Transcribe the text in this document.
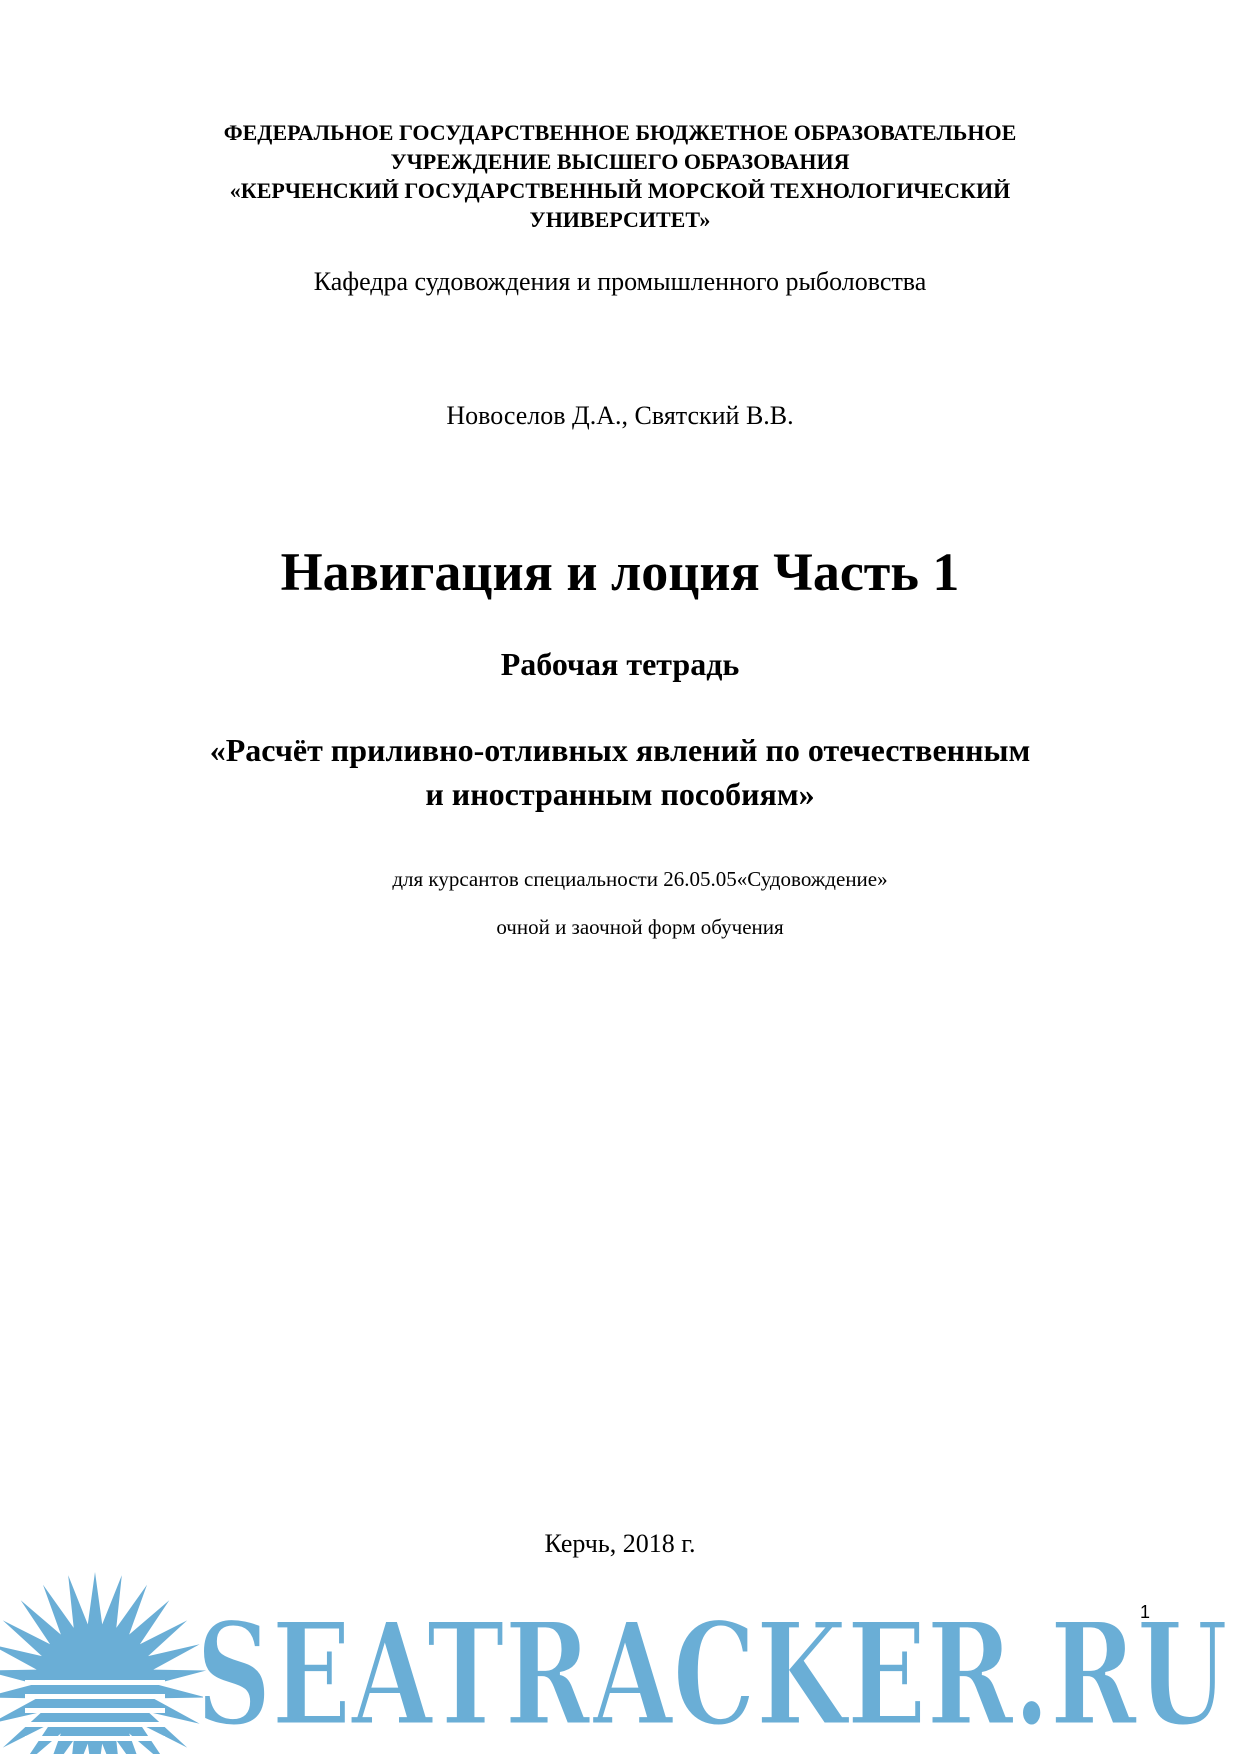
ФЕДЕРАЛЬНОЕ ГОСУДАРСТВЕННОЕ БЮДЖЕТНОЕ ОБРАЗОВАТЕЛЬНОЕ
УЧРЕЖДЕНИЕ ВЫСШЕГО ОБРАЗОВАНИЯ
«КЕРЧЕНСКИЙ ГОСУДАРСТВЕННЫЙ МОРСКОЙ ТЕХНОЛОГИЧЕСКИЙ
УНИВЕРСИТЕТ»
Кафедра судовождения и промышленного рыболовства
Новоселов Д.А., Святский В.В.
Навигация и лоция Часть 1
Рабочая тетрадь
«Расчёт приливно-отливных явлений по отечественным
и иностранным пособиям»
для курсантов специальности 26.05.05«Судовождение»
очной и заочной форм обучения
Керчь, 2018 г.
SEATRACKER.RU
1
